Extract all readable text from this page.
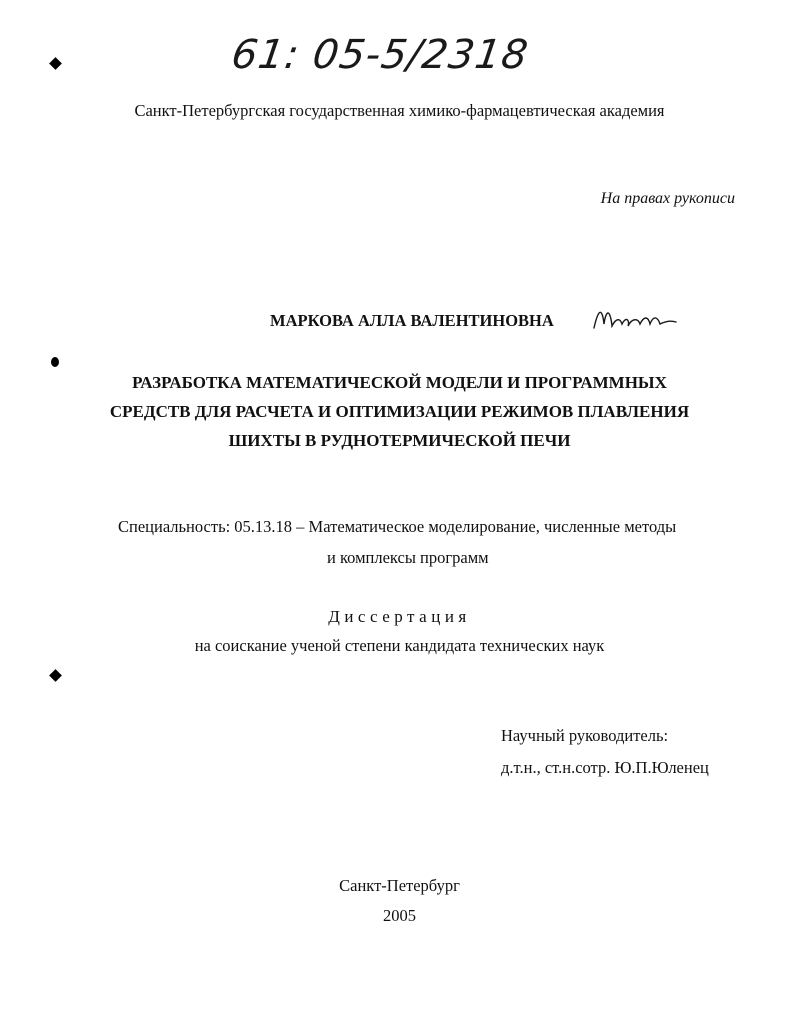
61: 05-5/2318
Санкт-Петербургская государственная химико-фармацевтическая академия
На правах рукописи
МАРКОВА АЛЛА ВАЛЕНТИНОВНА
РАЗРАБОТКА МАТЕМАТИЧЕСКОЙ МОДЕЛИ И ПРОГРАММНЫХ
СРЕДСТВ ДЛЯ РАСЧЕТА И ОПТИМИЗАЦИИ РЕЖИМОВ ПЛАВЛЕНИЯ
ШИХТЫ В РУДНОТЕРМИЧЕСКОЙ ПЕЧИ
Специальность: 05.13.18 – Математическое моделирование, численные методы
и комплексы программ
Диссертация
на соискание ученой степени кандидата технических наук
Научный руководитель:
д.т.н., ст.н.сотр. Ю.П.Юленец
Санкт-Петербург
2005
